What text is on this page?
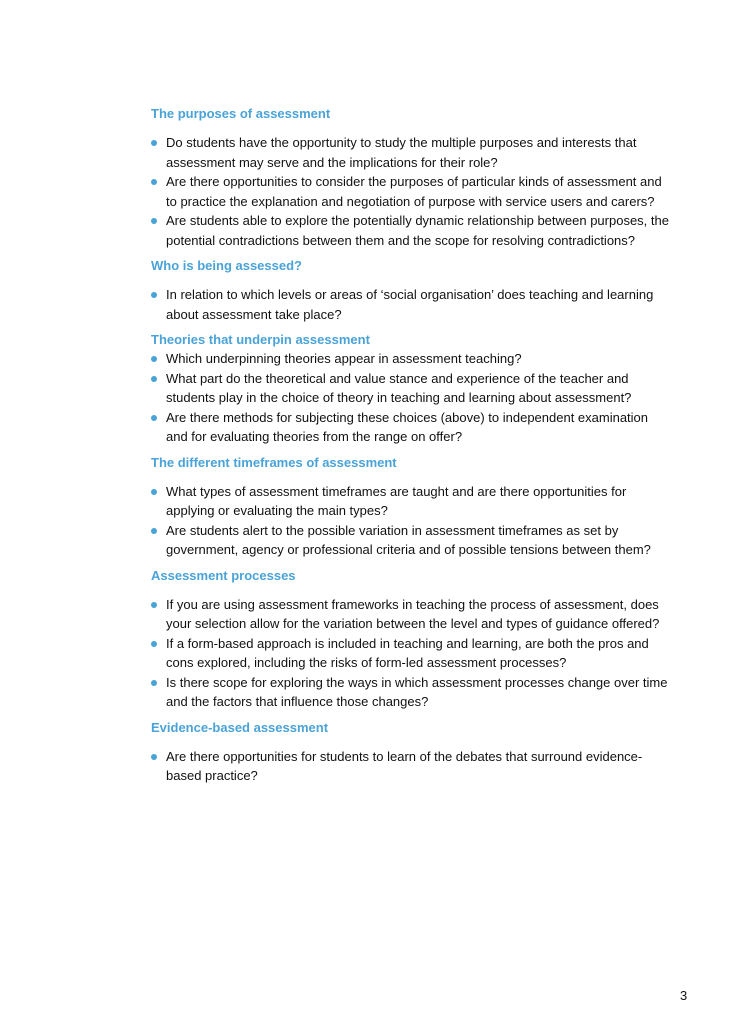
The purposes of assessment
Do students have the opportunity to study the multiple purposes and interests that assessment may serve and the implications for their role?
Are there opportunities to consider the purposes of particular kinds of assessment and to practice the explanation and negotiation of purpose with service users and carers?
Are students able to explore the potentially dynamic relationship between purposes, the potential contradictions between them and the scope for resolving contradictions?
Who is being assessed?
In relation to which levels or areas of ‘social organisation’ does teaching and learning about assessment take place?
Theories that underpin assessment
Which underpinning theories appear in assessment teaching?
What part do the theoretical and value stance and experience of the teacher and students play in the choice of theory in teaching and learning about assessment?
Are there methods for subjecting these choices (above) to independent examination and for evaluating theories from the range on offer?
The different timeframes of assessment
What types of assessment timeframes are taught and are there opportunities for applying or evaluating the main types?
Are students alert to the possible variation in assessment timeframes as set by government, agency or professional criteria and of possible tensions between them?
Assessment processes
If you are using assessment frameworks in teaching the process of assessment, does your selection allow for the variation between the level and types of guidance offered?
If a form-based approach is included in teaching and learning, are both the pros and cons explored, including the risks of form-led assessment processes?
Is there scope for exploring the ways in which assessment processes change over time and the factors that influence those changes?
Evidence-based assessment
Are there opportunities for students to learn of the debates that surround evidence-based practice?
3
